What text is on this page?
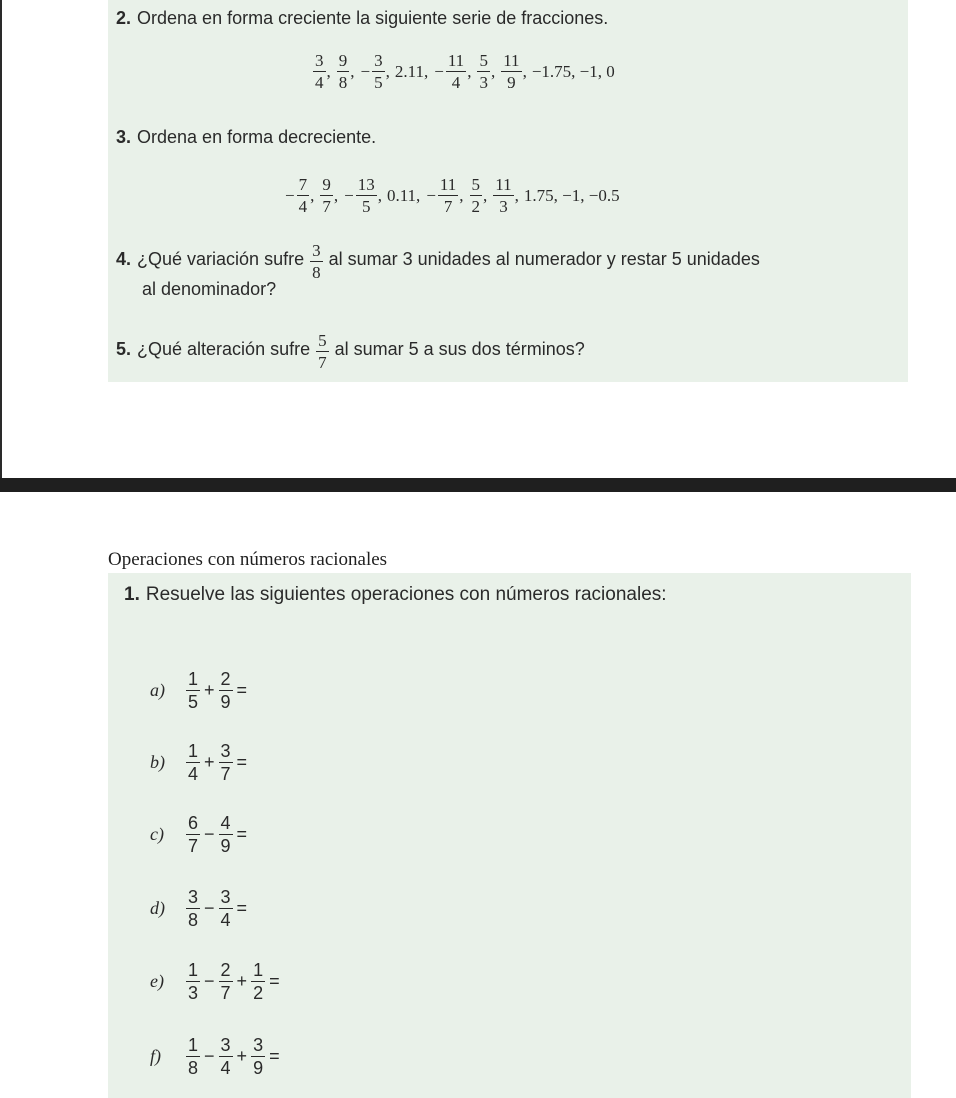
2. Ordena en forma creciente la siguiente serie de fracciones.
$\frac{3}{4}$ , $\frac{9}{8}$ , − $\frac{3}{5}$ , 2.11, − $\frac{11}{4}$ , $\frac{5}{3}$ , $\frac{11}{9}$ , −1.75, −1, 0
3. Ordena en forma decreciente.
− $\frac{7}{4}$ , $\frac{9}{7}$ , − $\frac{13}{5}$ , 0.11, − $\frac{11}{7}$ , $\frac{5}{2}$ , $\frac{11}{3}$ , 1.75, −1, −0.5
4. ¿Qué variación sufre $\frac{3}{8}$ al sumar 3 unidades al numerador y restar 5 unidades
al denominador?
5. ¿Qué alteración sufre $\frac{5}{7}$ al sumar 5 a sus dos términos?
Operaciones con números racionales
1. Resuelve las siguientes operaciones con números racionales:
a)	$\frac{1}{5} + \frac{2}{9}$ =
b)	$\frac{1}{4} + \frac{3}{7}$ =
c)	$\frac{6}{7} - \frac{4}{9}$ =
d)	$\frac{3}{8} - \frac{3}{4}$ =
e)	$\frac{1}{3} - \frac{2}{7} + \frac{1}{2}$ =
f)	$\frac{1}{8} - \frac{3}{4} + \frac{3}{9}$ =
